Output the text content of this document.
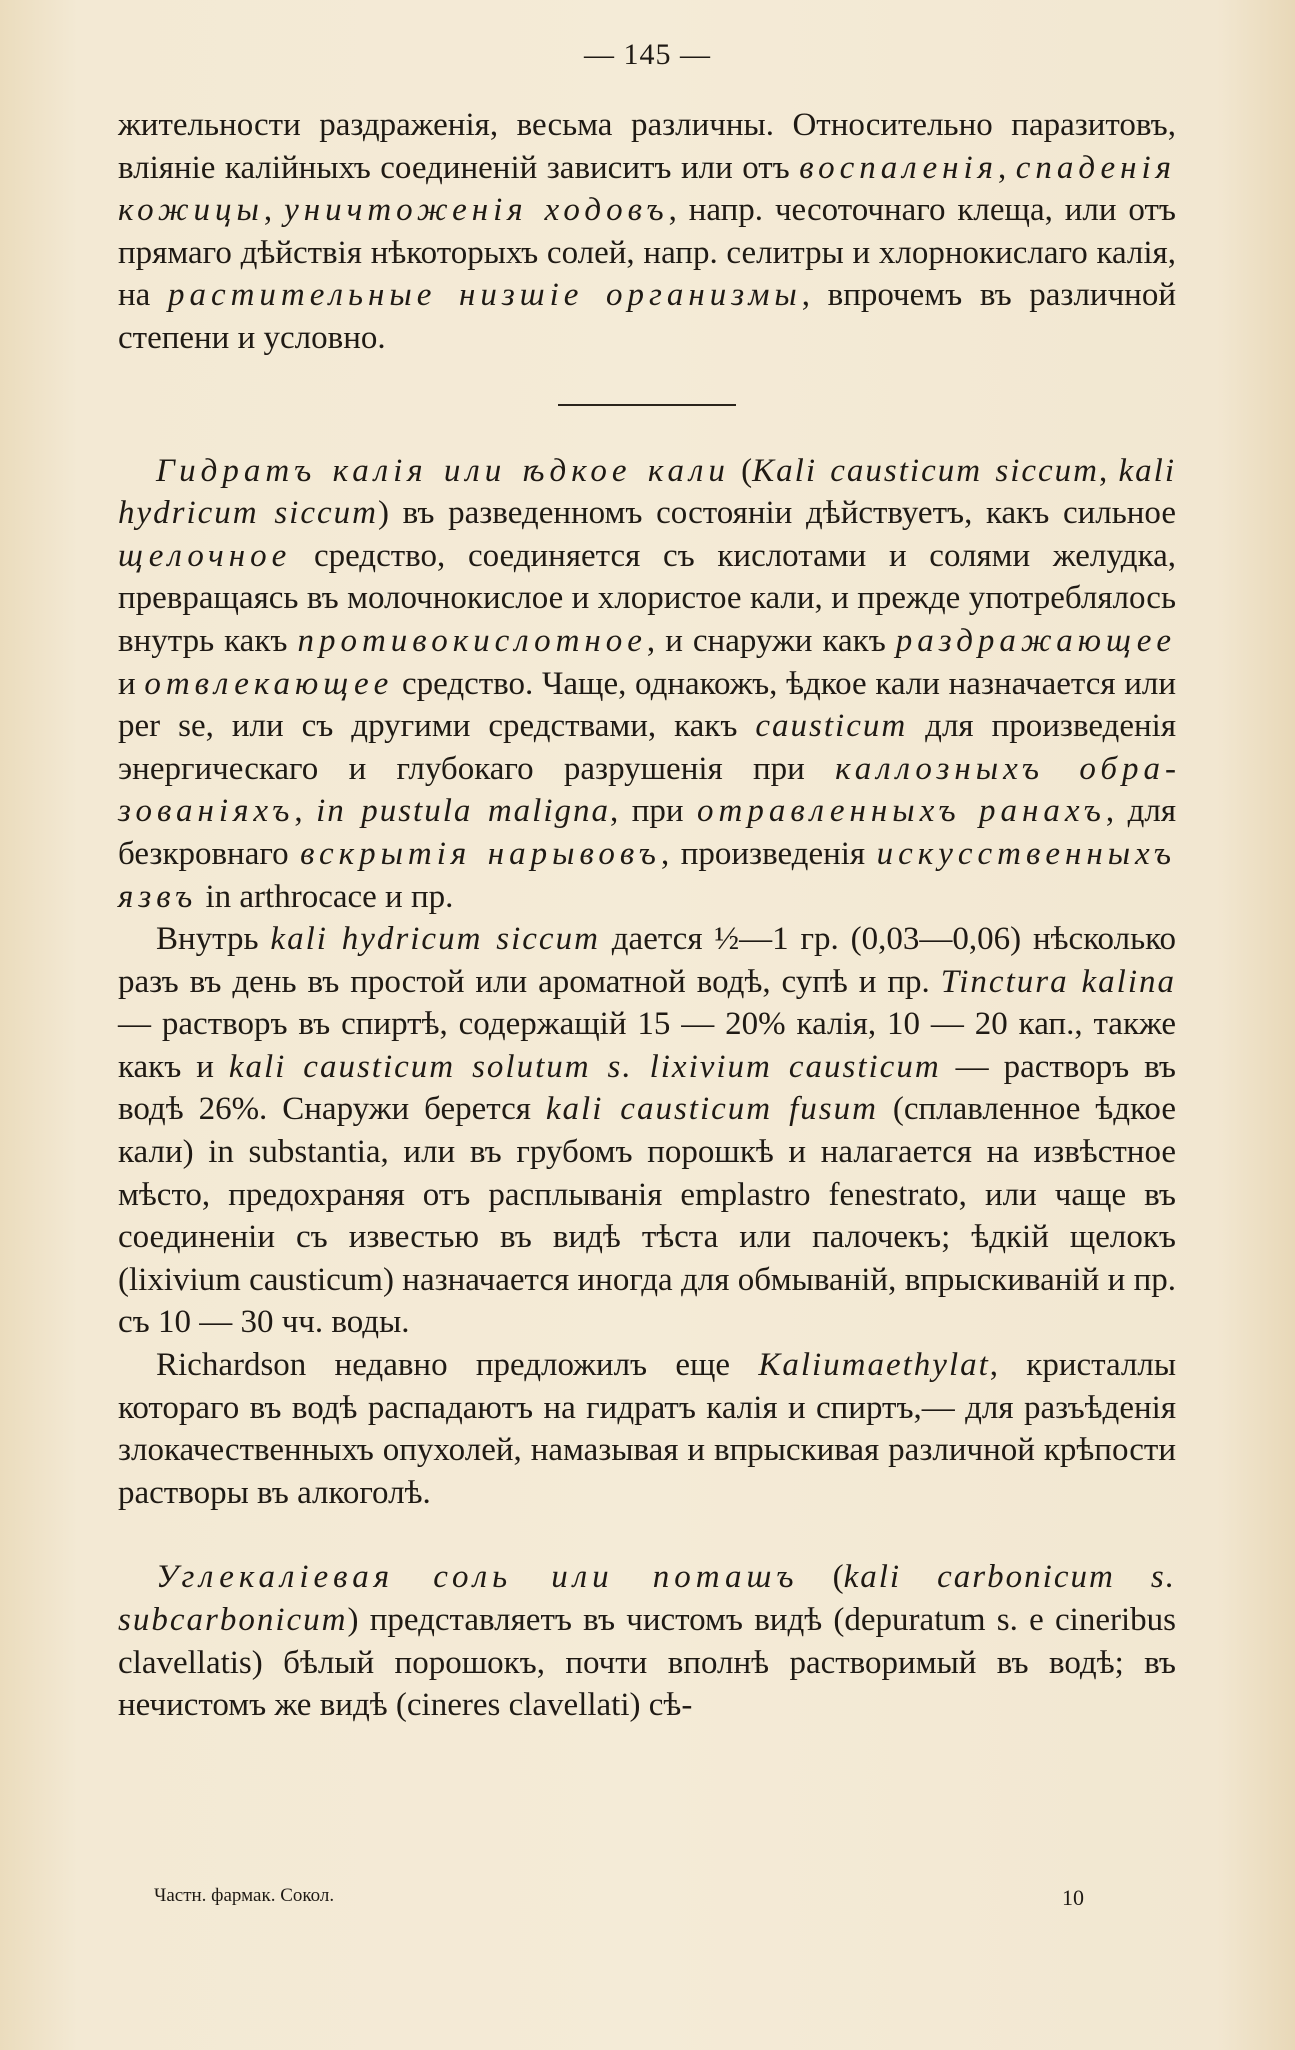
— 145 —

жительности раздраженія, весьма различны. Относительно паразитовъ, вліяніе калійныхъ соединеній зависитъ или отъ воспаленія, спаденія кожицы, уничтоженія ходовъ, напр. чесоточнаго клеща, или отъ прямаго дѣйствія нѣкоторыхъ солей, напр. селитры и хлорнокислаго калія, на растительные низшіе организмы, впрочемъ въ различной степени и условно.

Гидратъ калія или ѣдкое кали (Kali causticum siccum, kali hydricum siccum) въ разведенномъ состояніи дѣйствуетъ, какъ сильное щелочное средство, соединяется съ кислотами и солями желудка, превращаясь въ молочнокислое и хлористое кали, и прежде употреблялось внутрь какъ противокислотное, и снаружи какъ раздражающее и отвлекающее средство. Чаще, однакожъ, ѣдкое кали назначается или per se, или съ другими средствами, какъ causticum для произведенія энергическаго и глубокаго разрушенія при каллозныхъ образованіяхъ, in pustula maligna, при отравленныхъ ранахъ, для безкровнаго вскрытія нарывовъ, произведенія искусственныхъ язвъ in arthrocace и пр.

Внутрь kali hydricum siccum дается ½—1 гр. (0,03—0,06) нѣсколько разъ въ день въ простой или ароматной водѣ, супѣ и пр. Tinctura kalina — растворъ въ спиртѣ, содержащій 15 — 20% калія, 10 — 20 кап., также какъ и kali causticum solutum s. lixivium causticum — растворъ въ водѣ 26%. Снаружи берется kali causticum fusum (сплавленное ѣдкое кали) in substantia, или въ грубомъ порошкѣ и налагается на извѣстное мѣсто, предохраняя отъ расплыванія emplastro fenestrato, или чаще въ соединеніи съ известью въ видѣ тѣста или палочекъ; ѣдкій щелокъ (lixivium causticum) назначается иногда для обмываній, впрыскиваній и пр. съ 10 — 30 чч. воды.

Richardson недавно предложилъ еще Kaliumaethylat, кристаллы котораго въ водѣ распадаютъ на гидратъ калія и спиртъ,— для разъѣденія злокачественныхъ опухолей, намазывая и впрыскивая различной крѣпости растворы въ алкоголѣ.

Углекаліевая соль или поташъ (kali carbonicum s. subcarbonicum) представляетъ въ чистомъ видѣ (depuratum s. e cineribus clavellatis) бѣлый порошокъ, почти вполнѣ растворимый въ водѣ; въ нечистомъ же видѣ (cineres clavellati) сѣ-

Частн. фармак. Сокол.	10
